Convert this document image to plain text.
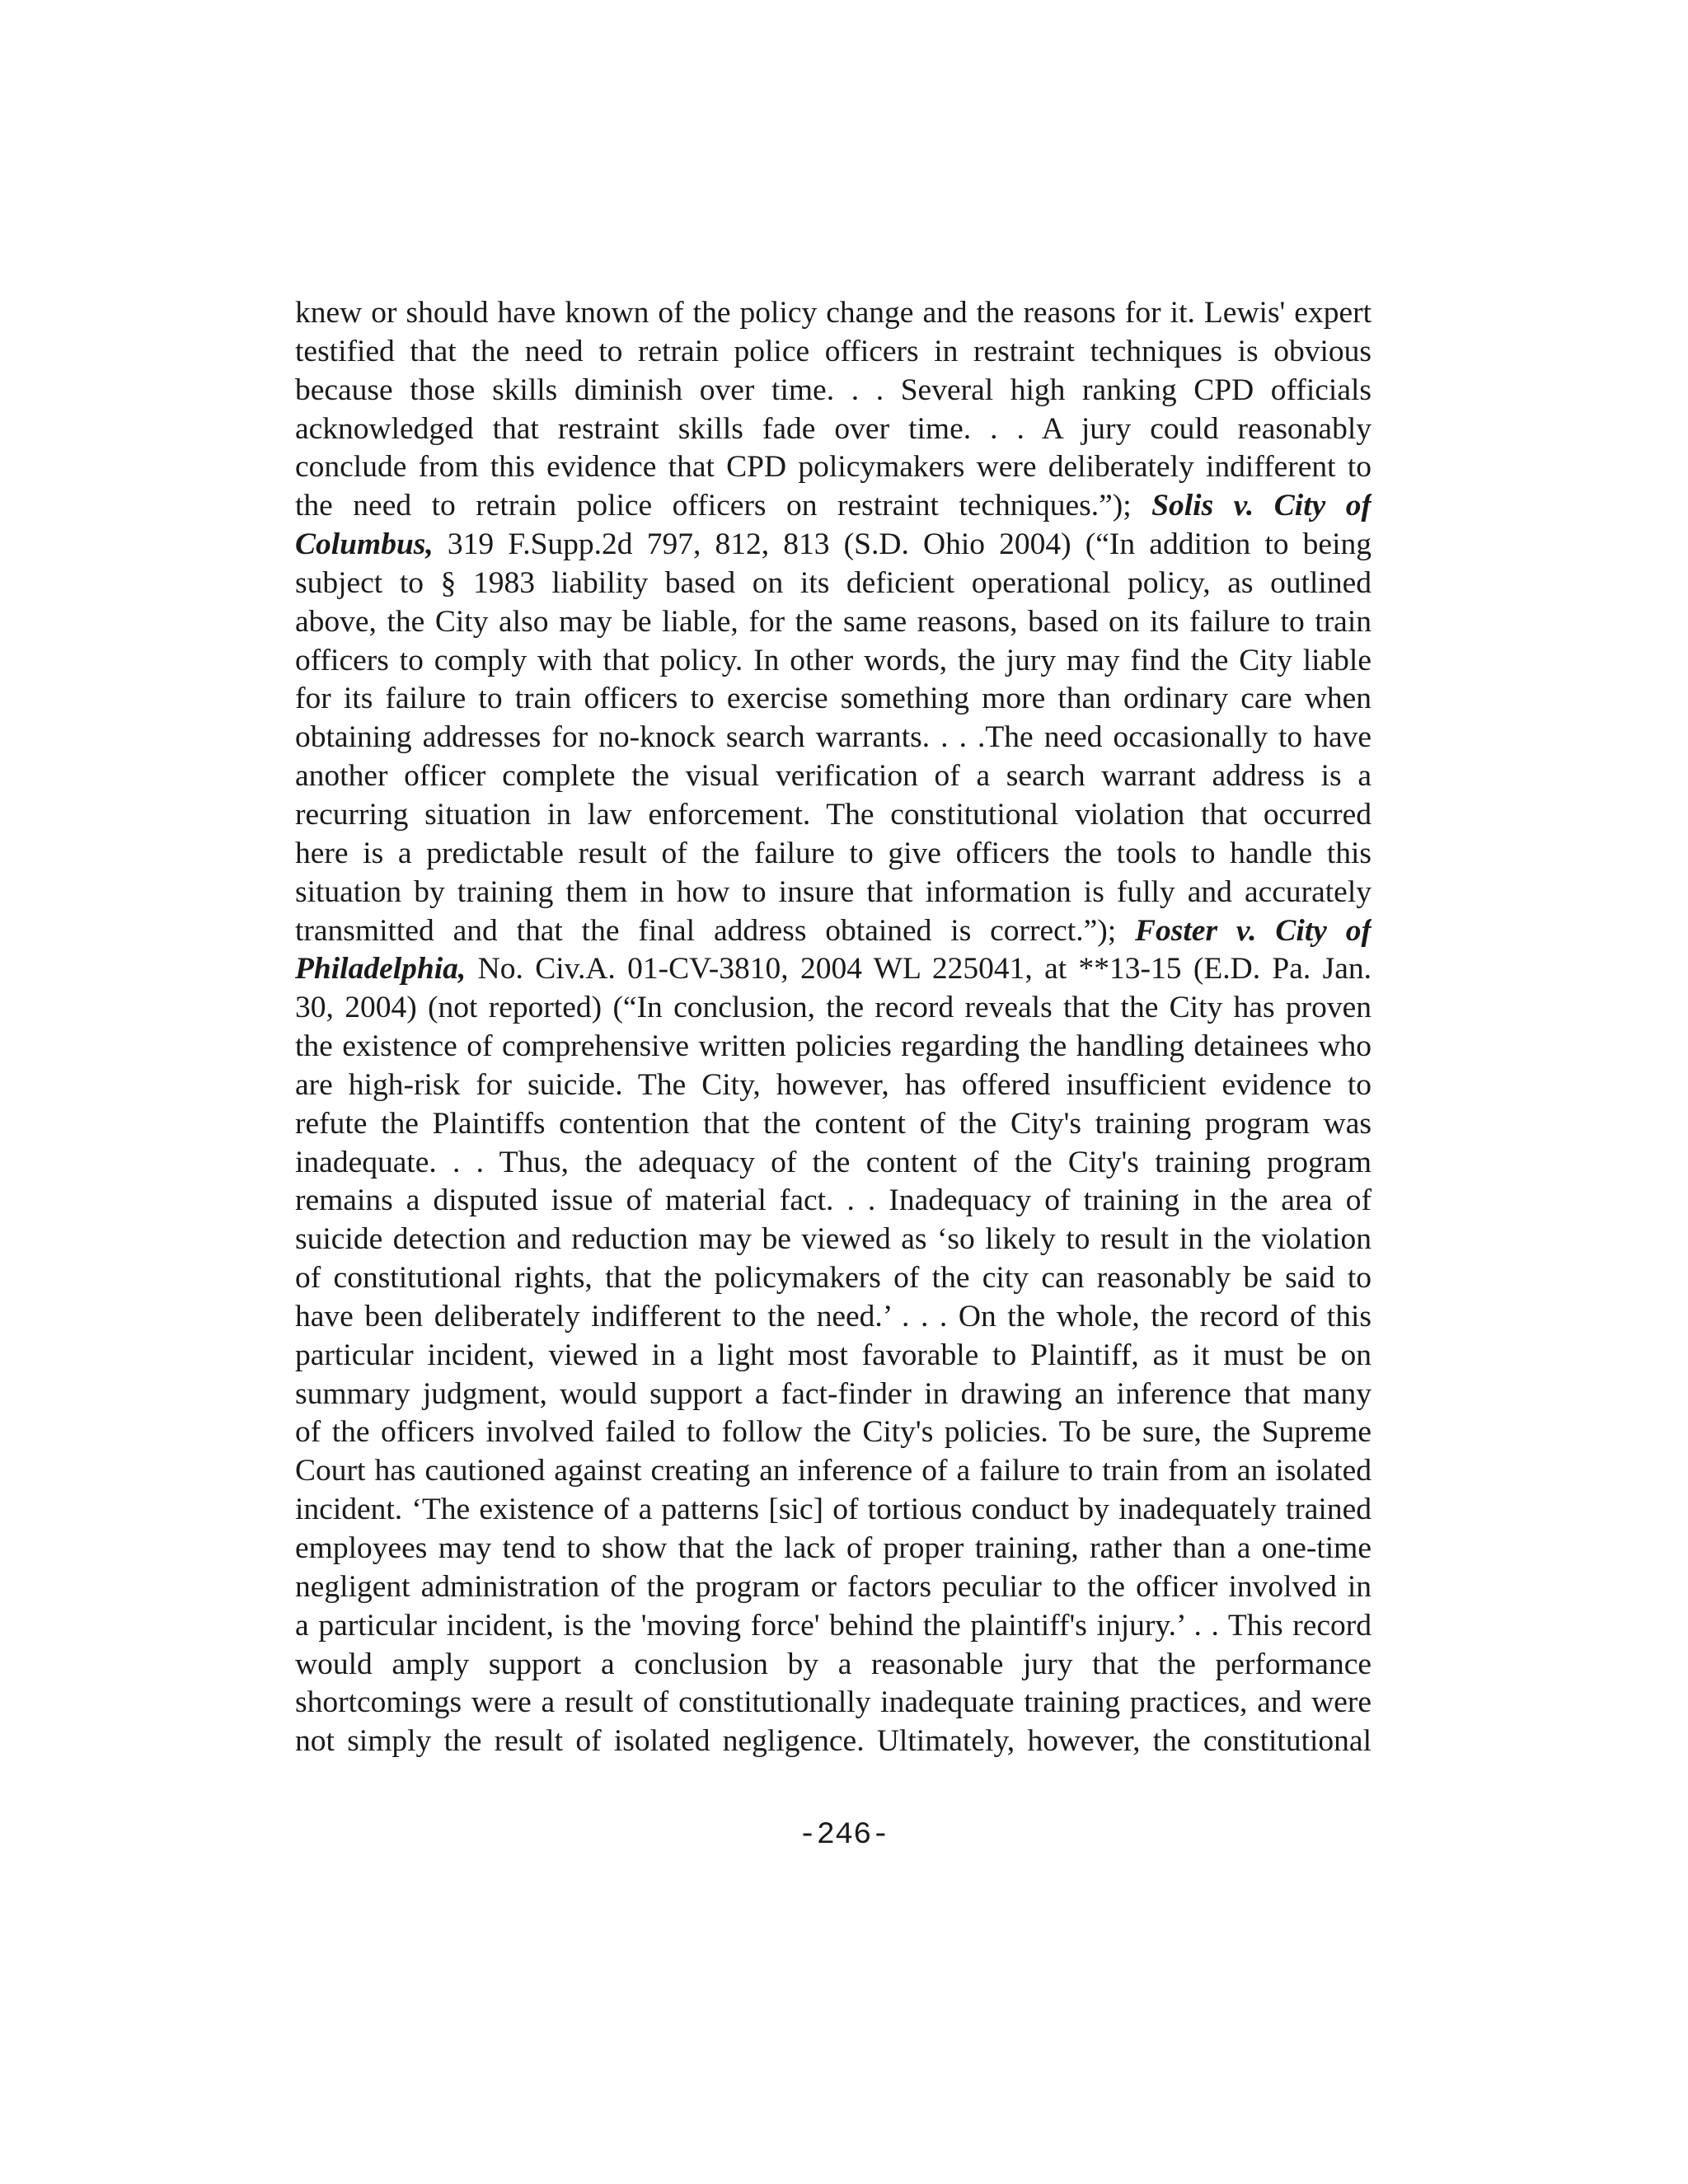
knew or should have known of the policy change and the reasons for it. Lewis' expert
testified that the need to retrain police officers in restraint techniques is obvious
because those skills diminish over time. . . Several high ranking CPD officials
acknowledged that restraint skills fade over time. . . A jury could reasonably
conclude from this evidence that CPD policymakers were deliberately indifferent to
the need to retrain police officers on restraint techniques.”); Solis v. City of
Columbus, 319 F.Supp.2d 797, 812, 813 (S.D. Ohio 2004) (“In addition to being
subject to § 1983 liability based on its deficient operational policy, as outlined
above, the City also may be liable, for the same reasons, based on its failure to train
officers to comply with that policy. In other words, the jury may find the City liable
for its failure to train officers to exercise something more than ordinary care when
obtaining addresses for no-knock search warrants. . . .The need occasionally to have
another officer complete the visual verification of a search warrant address is a
recurring situation in law enforcement. The constitutional violation that occurred
here is a predictable result of the failure to give officers the tools to handle this
situation by training them in how to insure that information is fully and accurately
transmitted and that the final address obtained is correct.”); Foster v. City of
Philadelphia, No. Civ.A. 01-CV-3810, 2004 WL 225041, at **13-15 (E.D. Pa. Jan.
30, 2004) (not reported) (“In conclusion, the record reveals that the City has proven
the existence of comprehensive written policies regarding the handling detainees who
are high-risk for suicide. The City, however, has offered insufficient evidence to
refute the Plaintiffs contention that the content of the City's training program was
inadequate. . . Thus, the adequacy of the content of the City's training program
remains a disputed issue of material fact. . . Inadequacy of training in the area of
suicide detection and reduction may be viewed as ‘so likely to result in the violation
of constitutional rights, that the policymakers of the city can reasonably be said to
have been deliberately indifferent to the need.’ . . . On the whole, the record of this
particular incident, viewed in a light most favorable to Plaintiff, as it must be on
summary judgment, would support a fact-finder in drawing an inference that many
of the officers involved failed to follow the City's policies. To be sure, the Supreme
Court has cautioned against creating an inference of a failure to train from an isolated
incident. ‘The existence of a patterns [sic] of tortious conduct by inadequately trained
employees may tend to show that the lack of proper training, rather than a one-time
negligent administration of the program or factors peculiar to the officer involved in
a particular incident, is the 'moving force' behind the plaintiff's injury.’ . . This record
would amply support a conclusion by a reasonable jury that the performance
shortcomings were a result of constitutionally inadequate training practices, and were
not simply the result of isolated negligence. Ultimately, however, the constitutional
-246-
